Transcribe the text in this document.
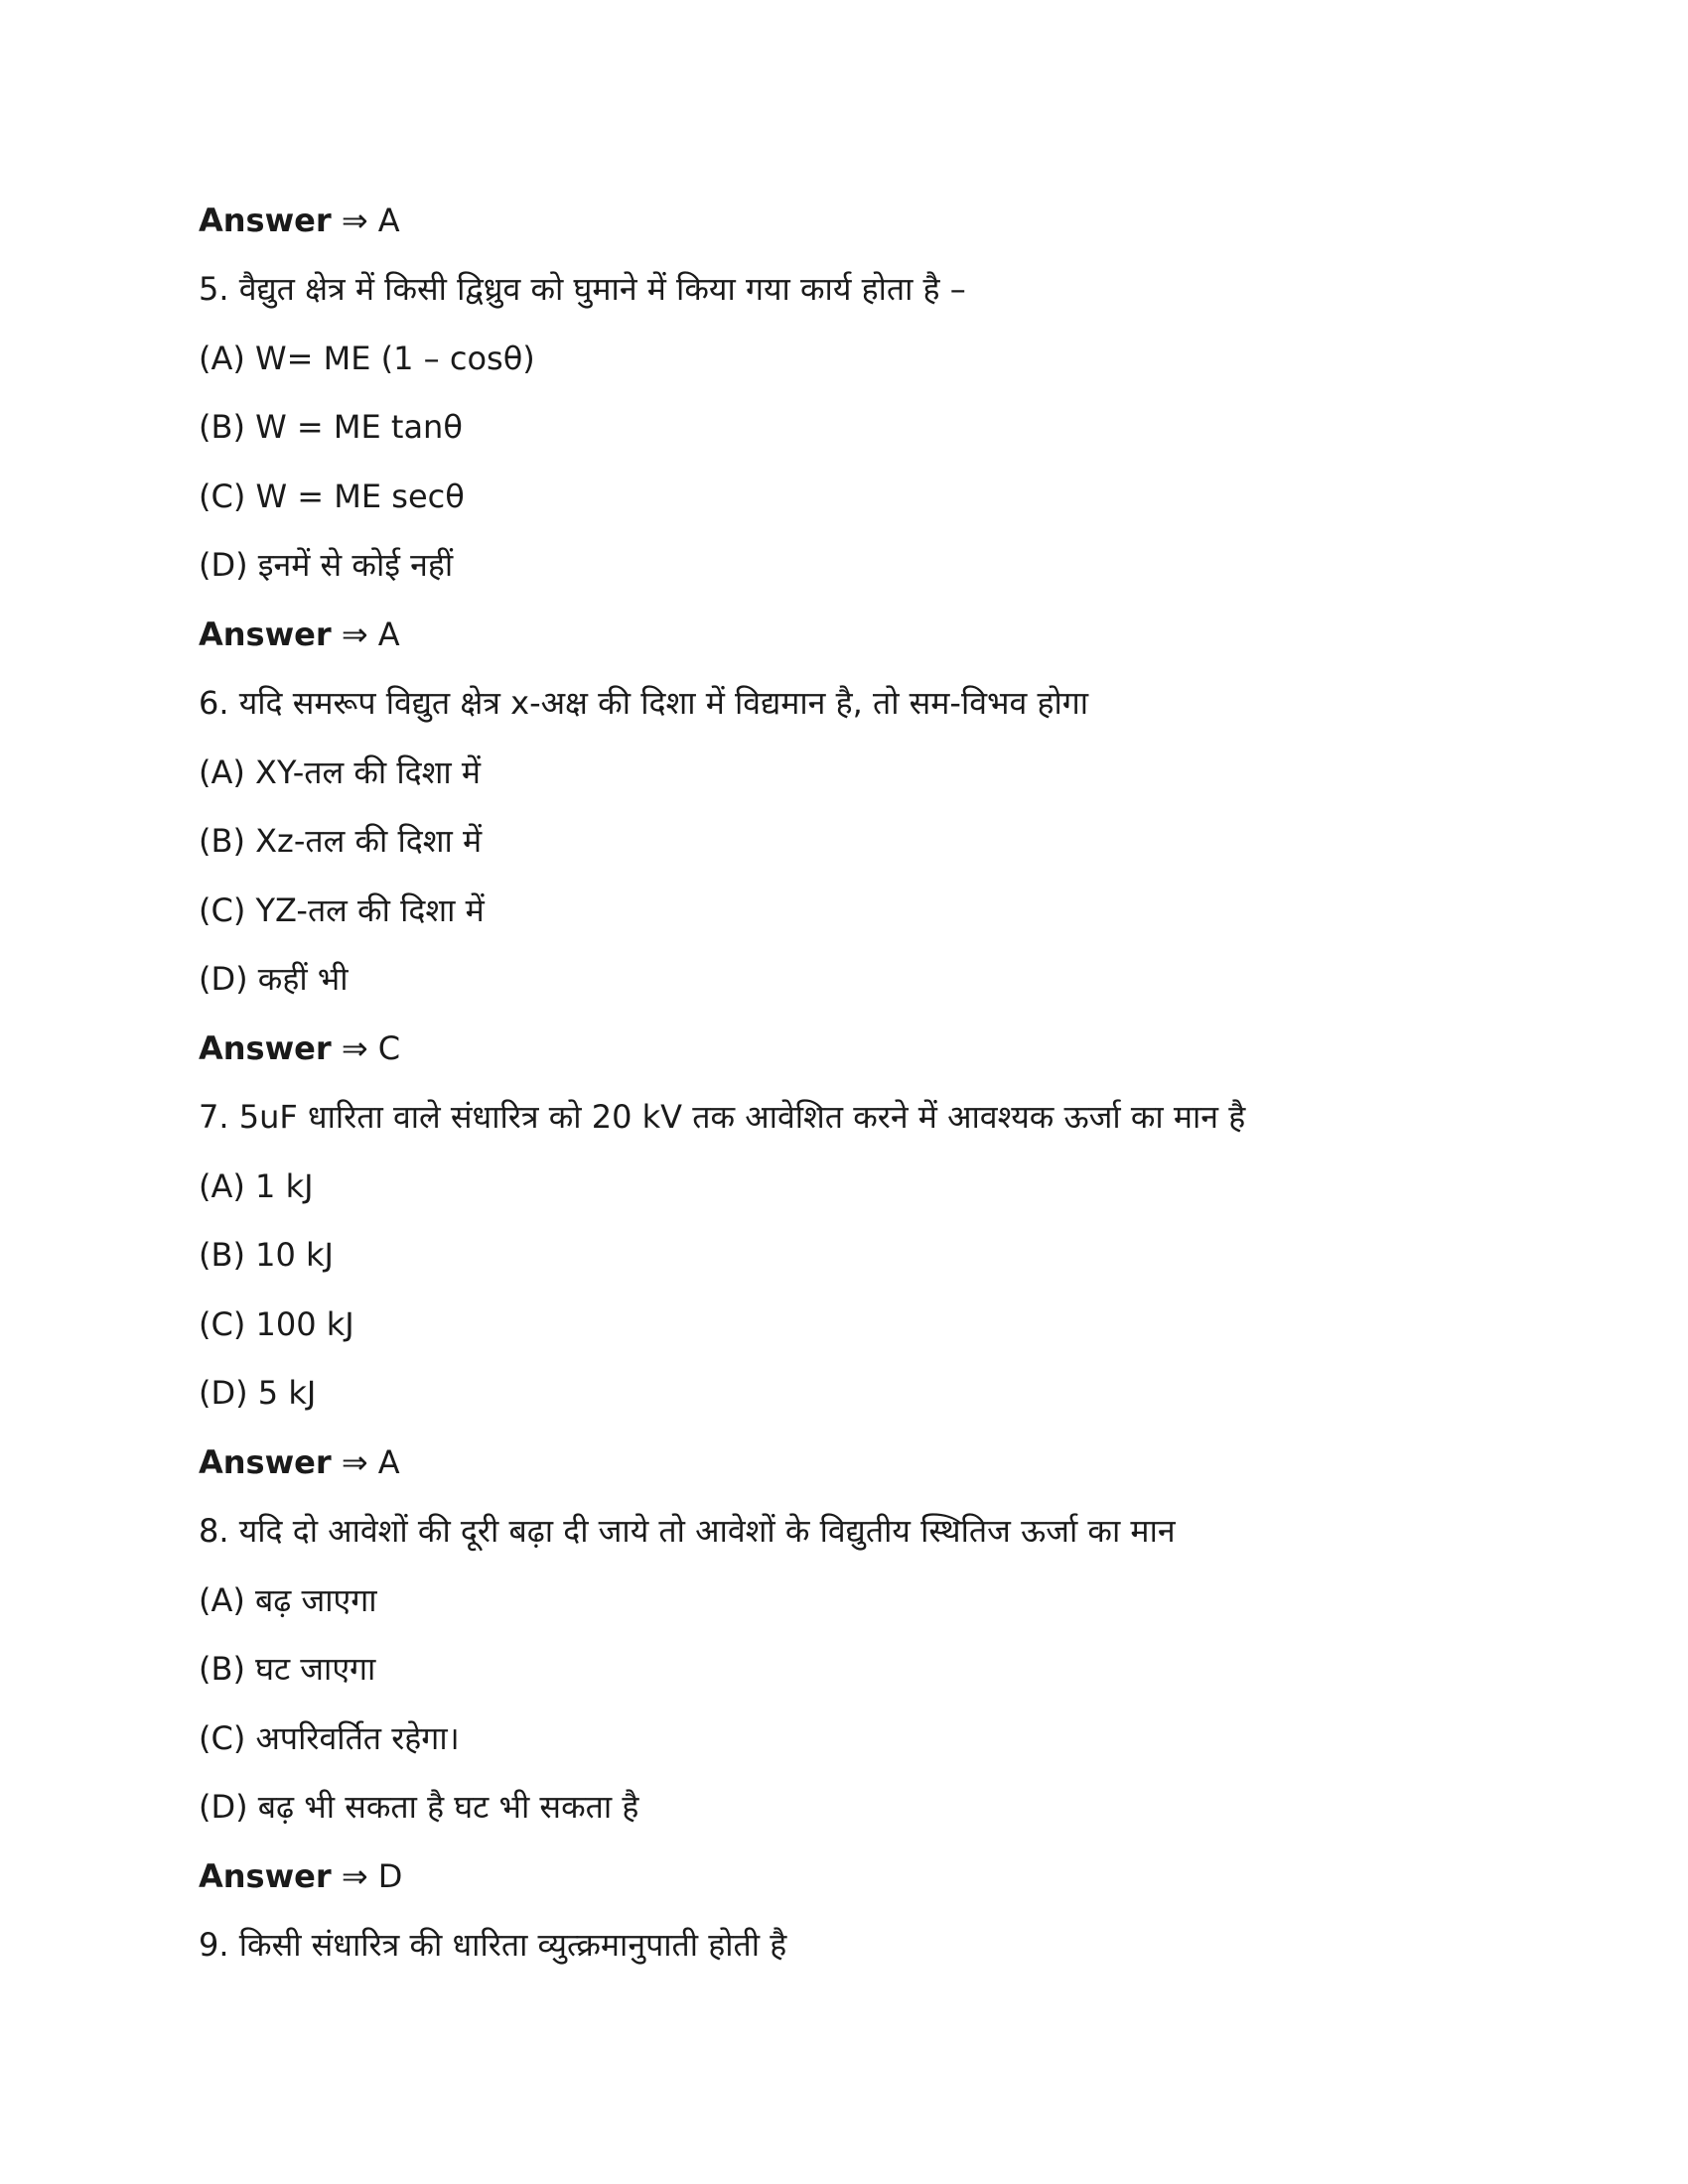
Answer ⇒ A
5. वैद्युत क्षेत्र में किसी द्विध्रुव को घुमाने में किया गया कार्य होता है –
(A) W= ME (1 – cosθ)
(B) W = ME tanθ
(C) W = ME secθ
(D) इनमें से कोई नहीं
Answer ⇒ A
6. यदि समरूप विद्युत क्षेत्र x-अक्ष की दिशा में विद्यमान है, तो सम-विभव होगा
(A) XY-तल की दिशा में
(B) Xz-तल की दिशा में
(C) YZ-तल की दिशा में
(D) कहीं भी
Answer ⇒ C
7. 5uF धारिता वाले संधारित्र को 20 kV तक आवेशित करने में आवश्यक ऊर्जा का मान है
(A) 1 kJ
(B) 10 kJ
(C) 100 kJ
(D) 5 kJ
Answer ⇒ A
8. यदि दो आवेशों की दूरी बढ़ा दी जाये तो आवेशों के विद्युतीय स्थितिज ऊर्जा का मान
(A) बढ़ जाएगा
(B) घट जाएगा
(C) अपरिवर्तित रहेगा।
(D) बढ़ भी सकता है घट भी सकता है
Answer ⇒ D
9. किसी संधारित्र की धारिता व्युत्क्रमानुपाती होती है
